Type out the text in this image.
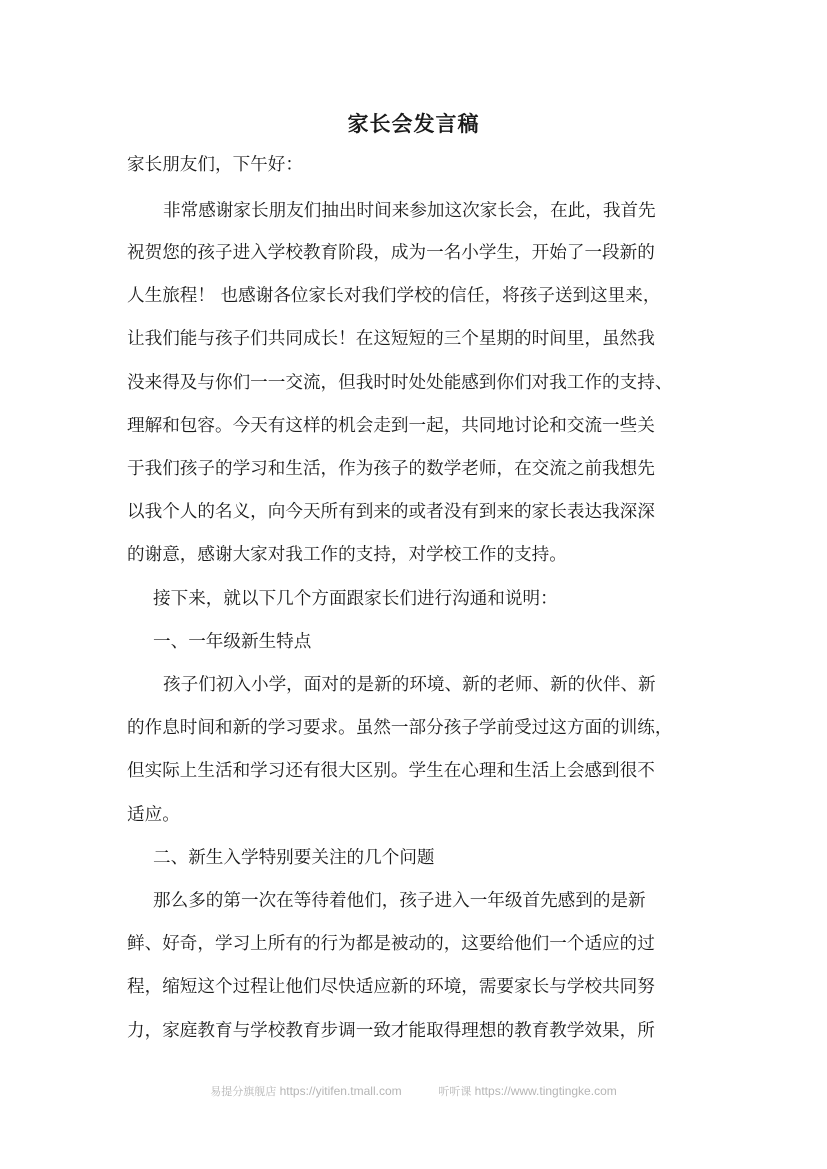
家长会发言稿
家长朋友们，下午好：
非常感谢家长朋友们抽出时间来参加这次家长会，在此，我首先
祝贺您的孩子进入学校教育阶段，成为一名小学生，开始了一段新的
人生旅程！ 也感谢各位家长对我们学校的信任，将孩子送到这里来，
让我们能与孩子们共同成长！在这短短的三个星期的时间里，虽然我
没来得及与你们一一交流，但我时时处处能感到你们对我工作的支持、
理解和包容。今天有这样的机会走到一起，共同地讨论和交流一些关
于我们孩子的学习和生活，作为孩子的数学老师，在交流之前我想先
以我个人的名义，向今天所有到来的或者没有到来的家长表达我深深
的谢意，感谢大家对我工作的支持，对学校工作的支持。
接下来，就以下几个方面跟家长们进行沟通和说明：
一、一年级新生特点
孩子们初入小学，面对的是新的环境、新的老师、新的伙伴、新
的作息时间和新的学习要求。虽然一部分孩子学前受过这方面的训练，
但实际上生活和学习还有很大区别。学生在心理和生活上会感到很不
适应。
二、新生入学特别要关注的几个问题
那么多的第一次在等待着他们，孩子进入一年级首先感到的是新
鲜、好奇，学习上所有的行为都是被动的，这要给他们一个适应的过
程，缩短这个过程让他们尽快适应新的环境，需要家长与学校共同努
力，家庭教育与学校教育步调一致才能取得理想的教育教学效果，所
易提分旗舰店 https://yitifen.tmall.com	听听课 https://www.tingtingke.com
